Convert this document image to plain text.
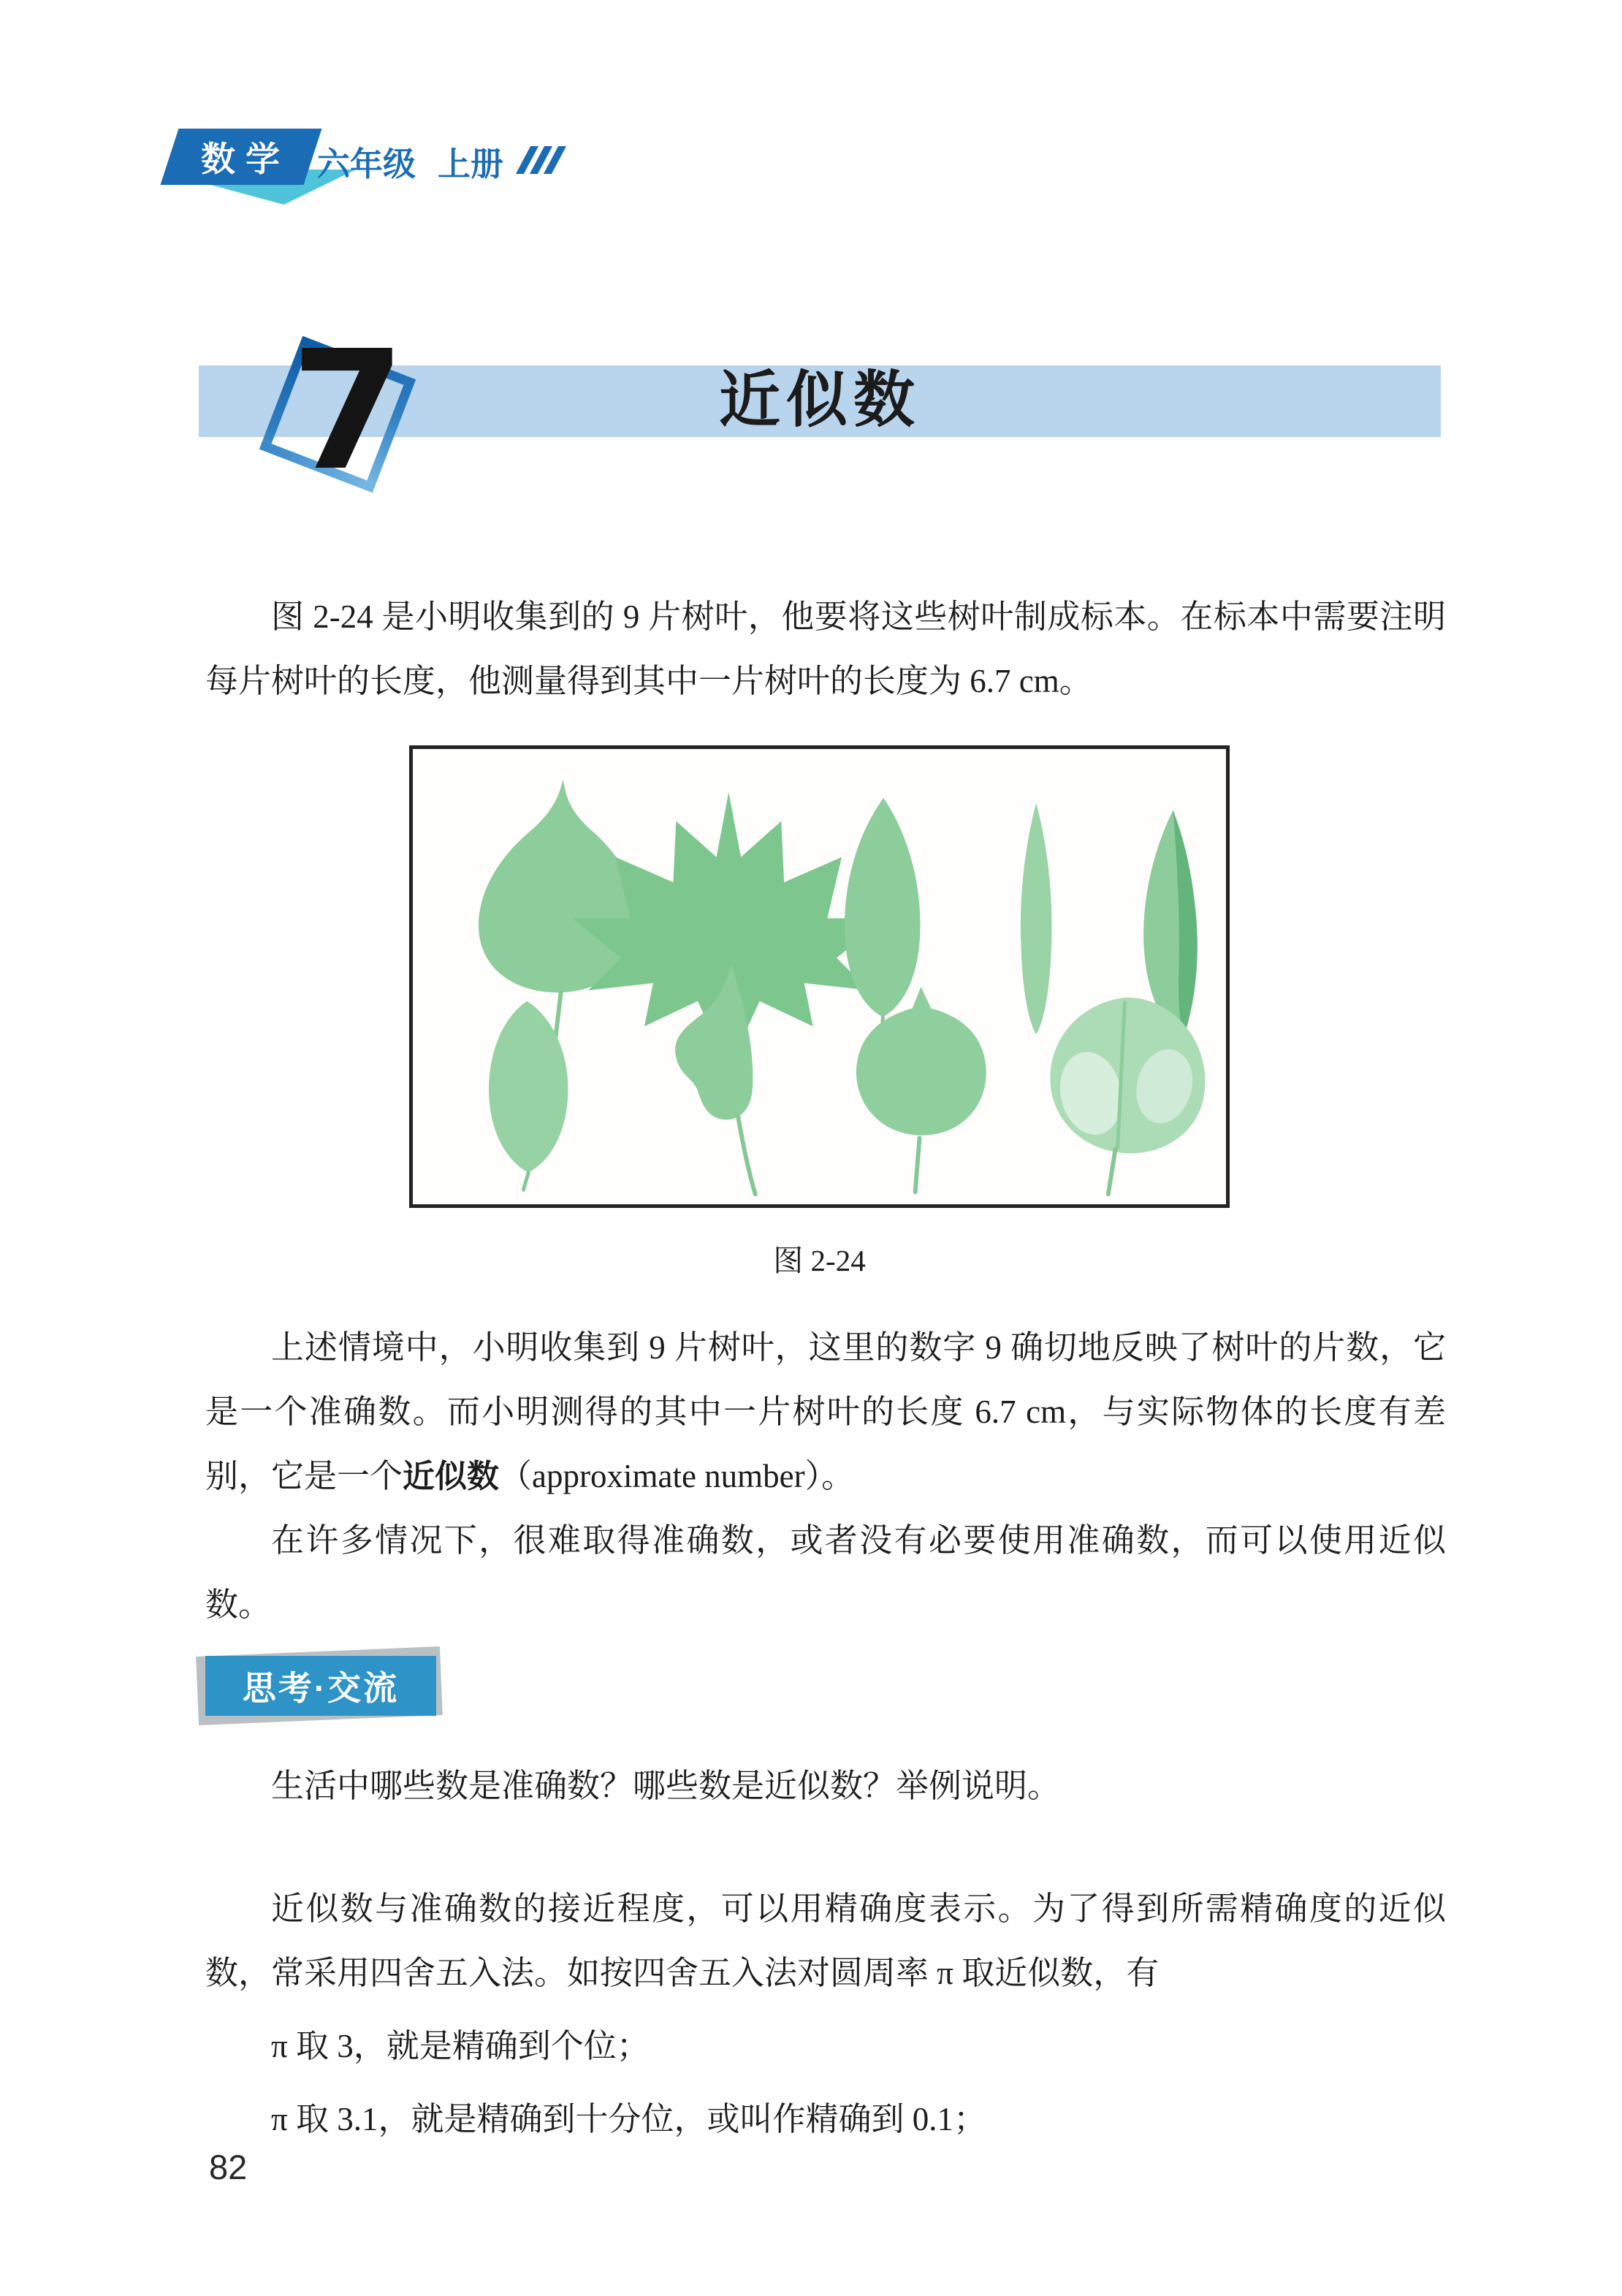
数学 六年级 上册
近似数
7

图 2-24 是小明收集到的 9 片树叶，他要将这些树叶制成标本。在标本中需要注明每片树叶的长度，他测量得到其中一片树叶的长度为 6.7 cm。

图 2-24

上述情境中，小明收集到 9 片树叶，这里的数字 9 确切地反映了树叶的片数，它是一个准确数。而小明测得的其中一片树叶的长度 6.7 cm，与实际物体的长度有差别，它是一个近似数（approximate number）。

在许多情况下，很难取得准确数，或者没有必要使用准确数，而可以使用近似数。

思考·交流

生活中哪些数是准确数？哪些数是近似数？举例说明。

近似数与准确数的接近程度，可以用精确度表示。为了得到所需精确度的近似数，常采用四舍五入法。如按四舍五入法对圆周率 π 取近似数，有

π 取 3，就是精确到个位；

π 取 3.1，就是精确到十分位，或叫作精确到 0.1；

82
